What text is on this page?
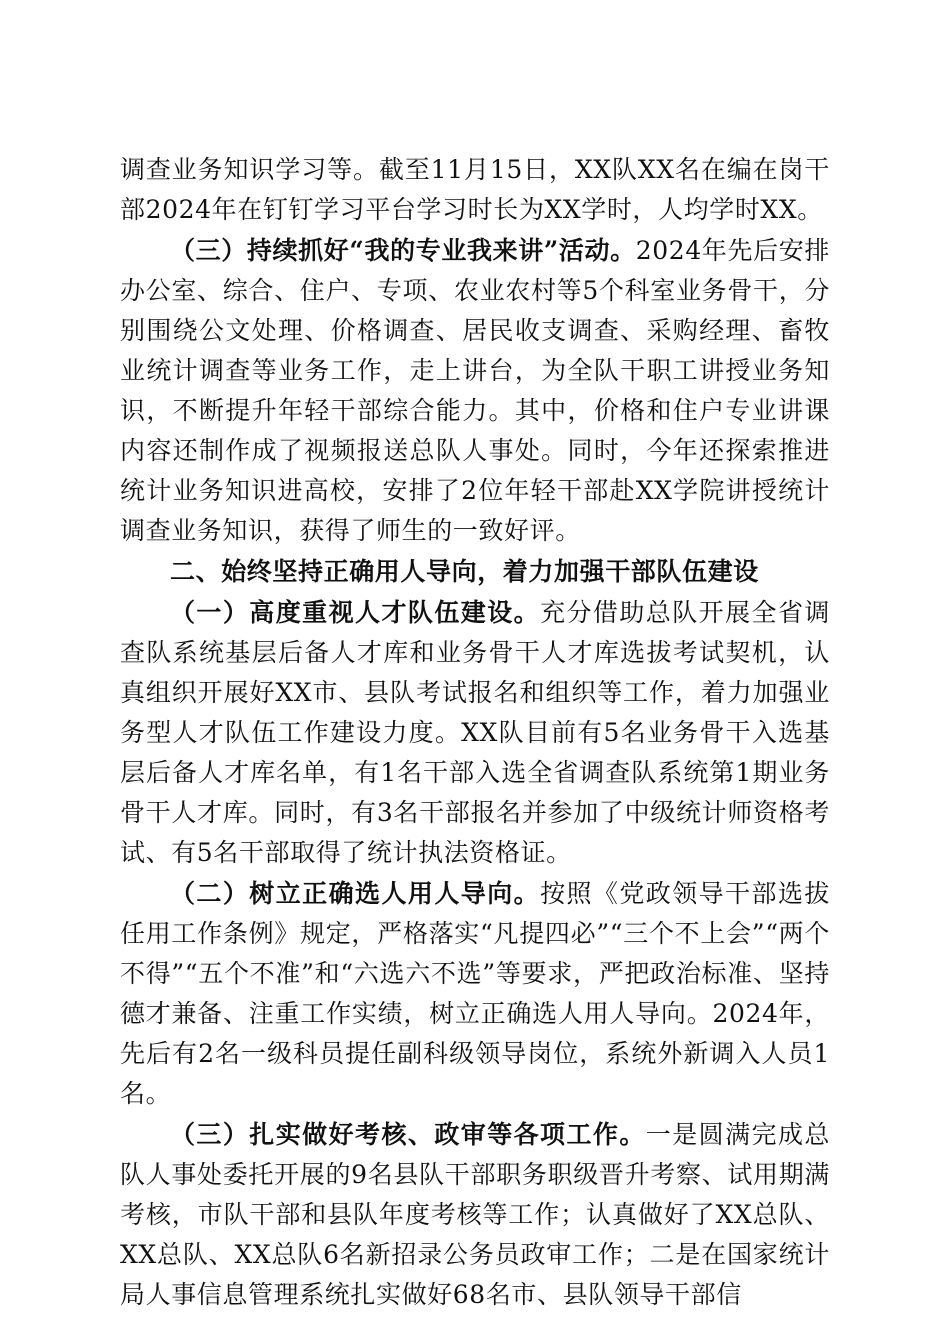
调查业务知识学习等。截至11月15日，XX队XX名在编在岗干部2024年在钉钉学习平台学习时长为XX学时，人均学时XX。

（三）持续抓好“我的专业我来讲”活动。2024年先后安排办公室、综合、住户、专项、农业农村等5个科室业务骨干，分别围绕公文处理、价格调查、居民收支调查、采购经理、畜牧业统计调查等业务工作，走上讲台，为全队干职工讲授业务知识，不断提升年轻干部综合能力。其中，价格和住户专业讲课内容还制作成了视频报送总队人事处。同时，今年还探索推进统计业务知识进高校，安排了2位年轻干部赴XX学院讲授统计调查业务知识，获得了师生的一致好评。

二、始终坚持正确用人导向，着力加强干部队伍建设

（一）高度重视人才队伍建设。充分借助总队开展全省调查队系统基层后备人才库和业务骨干人才库选拔考试契机，认真组织开展好XX市、县队考试报名和组织等工作，着力加强业务型人才队伍工作建设力度。XX队目前有5名业务骨干入选基层后备人才库名单，有1名干部入选全省调查队系统第1期业务骨干人才库。同时，有3名干部报名并参加了中级统计师资格考试、有5名干部取得了统计执法资格证。

（二）树立正确选人用人导向。按照《党政领导干部选拔任用工作条例》规定，严格落实“凡提四必”“三个不上会”“两个不得”“五个不准”和“六选六不选”等要求，严把政治标准、坚持德才兼备、注重工作实绩，树立正确选人用人导向。2024年，先后有2名一级科员提任副科级领导岗位，系统外新调入人员1名。

（三）扎实做好考核、政审等各项工作。一是圆满完成总队人事处委托开展的9名县队干部职务职级晋升考察、试用期满考核，市队干部和县队年度考核等工作；认真做好了XX总队、XX总队、XX总队6名新招录公务员政审工作；二是在国家统计局人事信息管理系统扎实做好68名市、县队领导干部信
